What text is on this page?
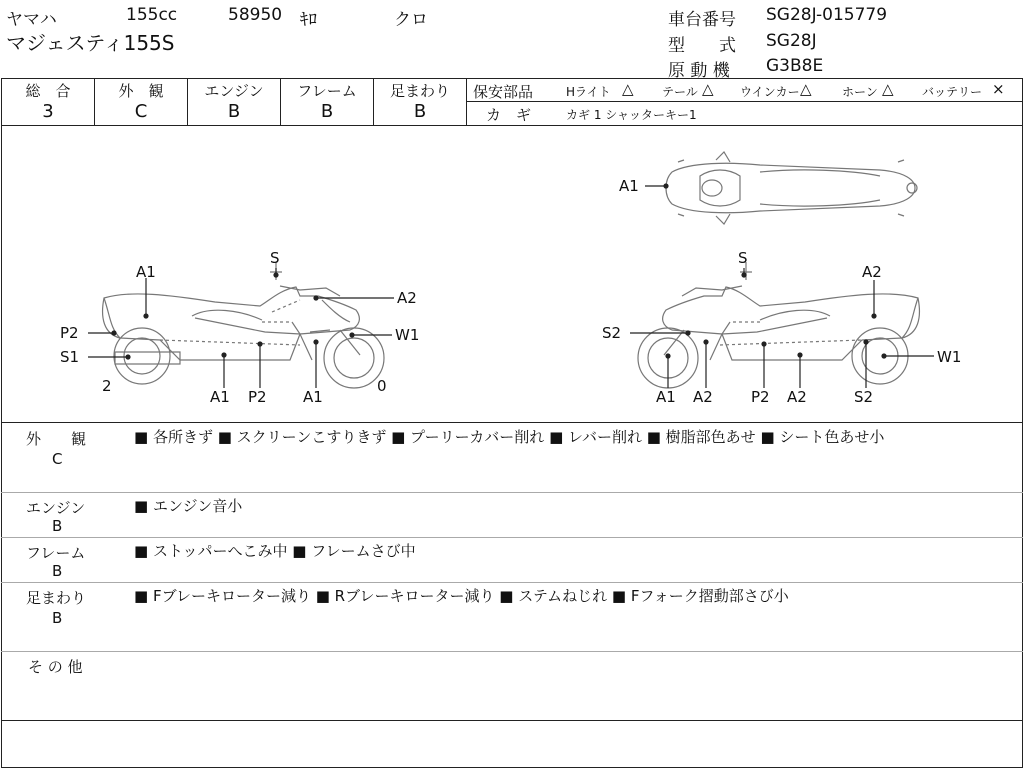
ヤマハ	155cc	58950 ｷﾛ	クロ
マジェスティ155S
車台番号 SG28J-015779
型　　式 SG28J
原 動 機 G3B8E
総　合
3
外　観
C
エンジン
B
フレーム
B
足まわり
B
保安部品	Hライト △ テール △ ウインカー △	ホーン △ バッテリー ×
カ　ギ	カギ 1 シャッターキー1
A1
S
A2
P2	W1
S1
2	0
A1 P2 A1
A1
S
A2
S2
W1
A1 A2	P2 A2	S2
外　　観
C
■ 各所きず ■ スクリーンこすりきず ■ プーリーカバー削れ ■ レバー削れ ■ 樹脂部色あせ ■ シート色あせ小
エンジン
B
■ エンジン音小
フレーム
B
■ ストッパーへこみ中 ■ フレームさび中
足まわり
B
■ Fブレーキローター減り ■ Rブレーキローター減り ■ ステムねじれ ■ Fフォーク摺動部さび小
そ の 他
